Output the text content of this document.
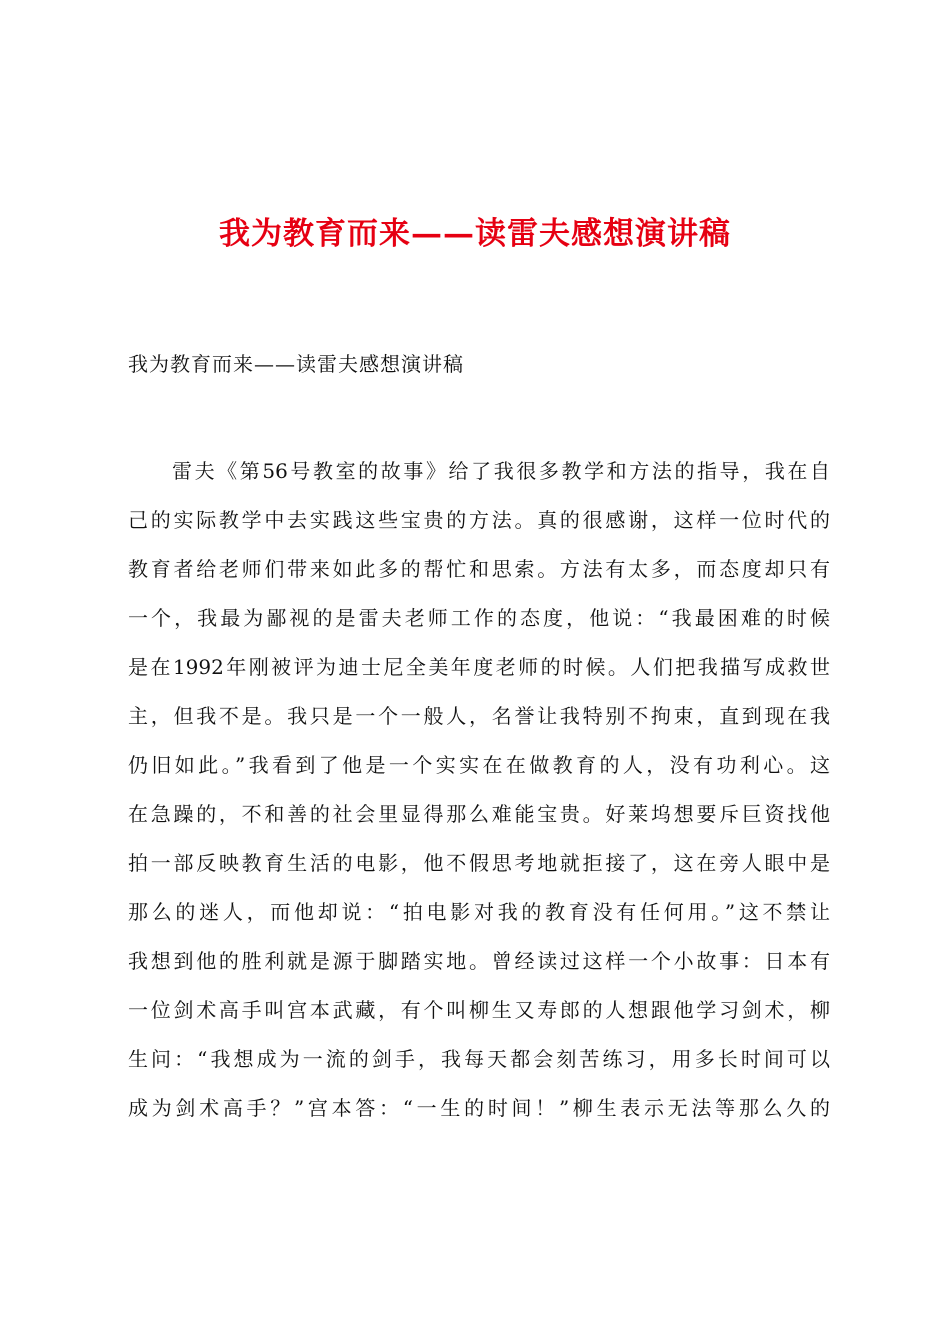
我为教育而来——读雷夫感想演讲稿

我为教育而来——读雷夫感想演讲稿

雷夫《第56号教室的故事》给了我很多教学和方法的指导，我在自
己的实际教学中去实践这些宝贵的方法。真的很感谢，这样一位时代的
教育者给老师们带来如此多的帮忙和思索。方法有太多，而态度却只有
一个，我最为鄙视的是雷夫老师工作的态度，他说：“我最困难的时候
是在1992年刚被评为迪士尼全美年度老师的时候。人们把我描写成救世
主，但我不是。我只是一个一般人，名誉让我特别不拘束，直到现在我
仍旧如此。”我看到了他是一个实实在在做教育的人，没有功利心。这
在急躁的，不和善的社会里显得那么难能宝贵。好莱坞想要斥巨资找他
拍一部反映教育生活的电影，他不假思考地就拒接了，这在旁人眼中是
那么的迷人，而他却说：“拍电影对我的教育没有任何用。”这不禁让
我想到他的胜利就是源于脚踏实地。曾经读过这样一个小故事：日本有
一位剑术高手叫宫本武藏，有个叫柳生又寿郎的人想跟他学习剑术，柳
生问：“我想成为一流的剑手，我每天都会刻苦练习，用多长时间可以
成为剑术高手？”宫本答：“一生的时间！”柳生表示无法等那么久的
